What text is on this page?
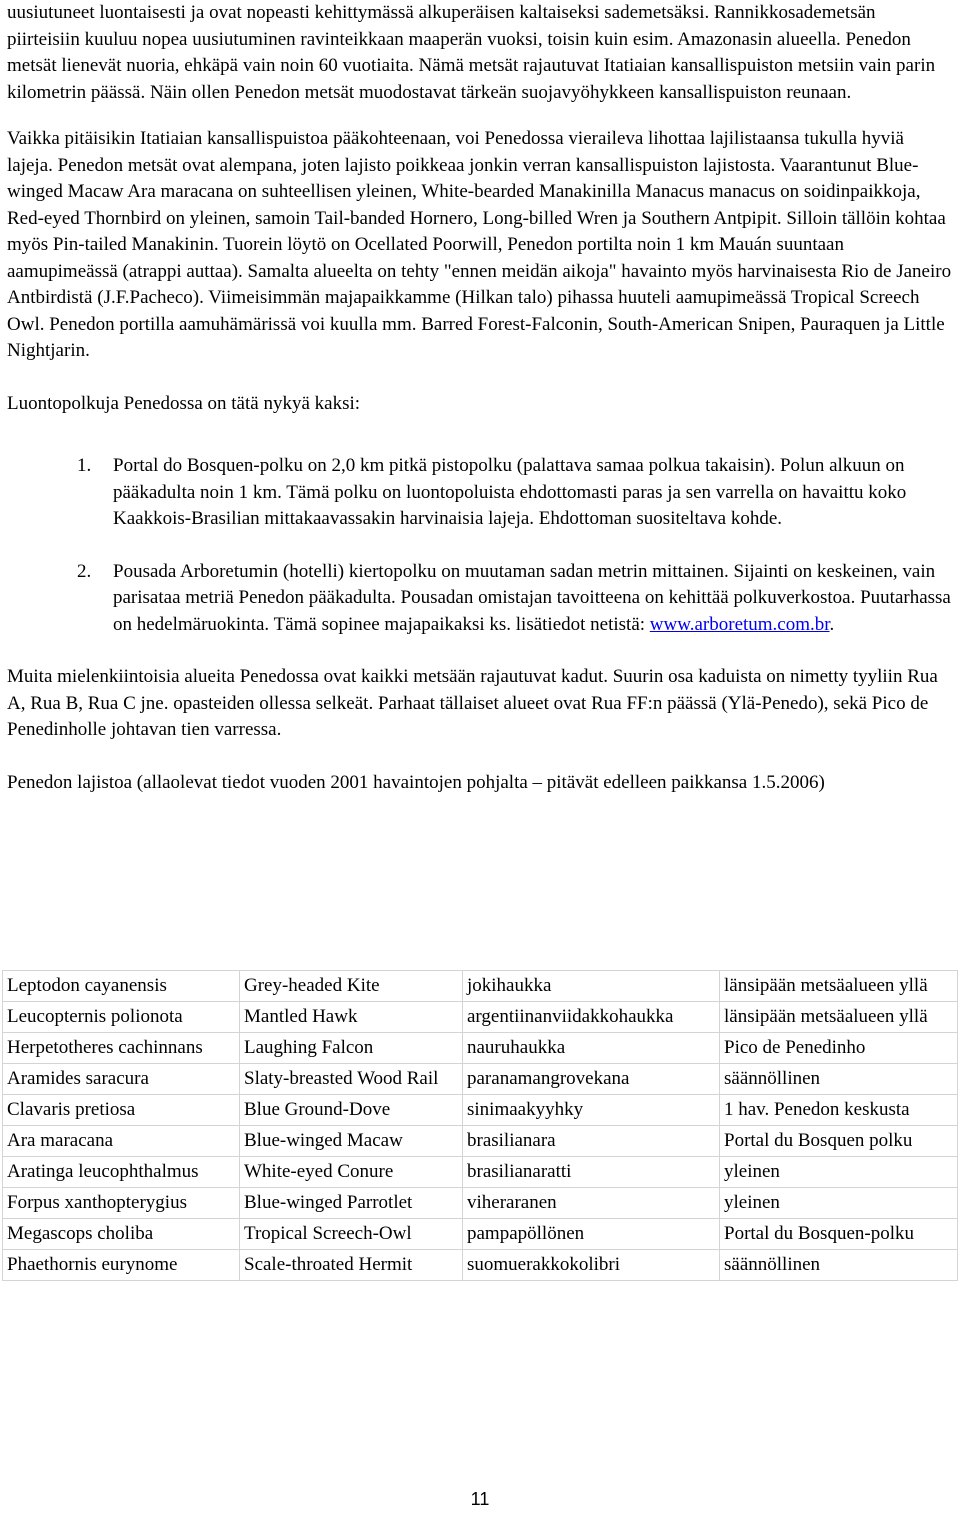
uusiutuneet luontaisesti ja ovat nopeasti kehittymässä alkuperäisen kaltaiseksi sademetsäksi. Rannikkosademetsän piirteisiin kuuluu nopea uusiutuminen ravinteikkaan maaperän vuoksi, toisin kuin esim. Amazonasin alueella. Penedon metsät lienevät nuoria, ehkäpä vain noin 60 vuotiaita. Nämä metsät rajautuvat Itatiaian kansallispuiston metsiin vain parin kilometrin päässä. Näin ollen Penedon metsät muodostavat tärkeän suojavyöhykkeen kansallispuiston reunaan.

Vaikka pitäisikin Itatiaian kansallispuistoa pääkohteenaan, voi Penedossa vieraileva lihottaa lajilistaansa tukulla hyviä lajeja. Penedon metsät ovat alempana, joten lajisto poikkeaa jonkin verran kansallispuiston lajistosta. Vaarantunut Blue-winged Macaw Ara maracana on suhteellisen yleinen, White-bearded Manakinilla Manacus manacus on soidinpaikkoja, Red-eyed Thornbird on yleinen, samoin Tail-banded Hornero, Long-billed Wren ja Southern Antpipit. Silloin tällöin kohtaa myös Pin-tailed Manakinin. Tuorein löytö on Ocellated Poorwill, Penedon portilta noin 1 km Mauán suuntaan aamupimeässä (atrappi auttaa). Samalta alueelta on tehty "ennen meidän aikoja" havainto myös harvinaisesta Rio de Janeiro Antbirdistä (J.F.Pacheco). Viimeisimmän majapaikkamme (Hilkan talo) pihassa huuteli aamupimeässä Tropical Screech Owl. Penedon portilla aamuhämärissä voi kuulla mm. Barred Forest-Falconin, South-American Snipen, Pauraquen ja Little Nightjarin.

Luontopolkuja Penedossa on tätä nykyä kaksi:

1. Portal do Bosquen-polku on 2,0 km pitkä pistopolku (palattava samaa polkua takaisin). Polun alkuun on pääkadulta noin 1 km. Tämä polku on luontopoluista ehdottomasti paras ja sen varrella on havaittu koko Kaakkois-Brasilian mittakaavassakin harvinaisia lajeja. Ehdottoman suositeltava kohde.
2. Pousada Arboretumin (hotelli) kiertopolku on muutaman sadan metrin mittainen. Sijainti on keskeinen, vain parisataa metriä Penedon pääkadulta. Pousadan omistajan tavoitteena on kehittää polkuverkostoa. Puutarhassa on hedelmäruokinta. Tämä sopinee majapaikaksi ks. lisätiedot netistä: www.arboretum.com.br.

Muita mielenkiintoisia alueita Penedossa ovat kaikki metsään rajautuvat kadut. Suurin osa kaduista on nimetty tyyliin Rua A, Rua B, Rua C jne. opasteiden ollessa selkeät. Parhaat tällaiset alueet ovat Rua FF:n päässä (Ylä-Penedo), sekä Pico de Penedinholle johtavan tien varressa.

Penedon lajistoa (allaolevat tiedot vuoden 2001 havaintojen pohjalta – pitävät edelleen paikkansa 1.5.2006)

Leptodon cayanensis	Grey-headed Kite	jokihaukka	länsipään metsäalueen yllä
Leucopternis polionota	Mantled Hawk	argentiinanviidakkohaukka	länsipään metsäalueen yllä
Herpetotheres cachinnans	Laughing Falcon	nauruhaukka	Pico de Penedinho
Aramides saracura	Slaty-breasted Wood Rail	paranamangrovekana	säännöllinen
Clavaris pretiosa	Blue Ground-Dove	sinimaakyyhky	1 hav. Penedon keskusta
Ara maracana	Blue-winged Macaw	brasilianara	Portal du Bosquen polku
Aratinga leucophthalmus	White-eyed Conure	brasilianaratti	yleinen
Forpus xanthopterygius	Blue-winged Parrotlet	viheraranen	yleinen
Megascops choliba	Tropical Screech-Owl	pampapöllönen	Portal du Bosquen-polku
Phaethornis eurynome	Scale-throated Hermit	suomuerakkokolibri	säännöllinen
11
